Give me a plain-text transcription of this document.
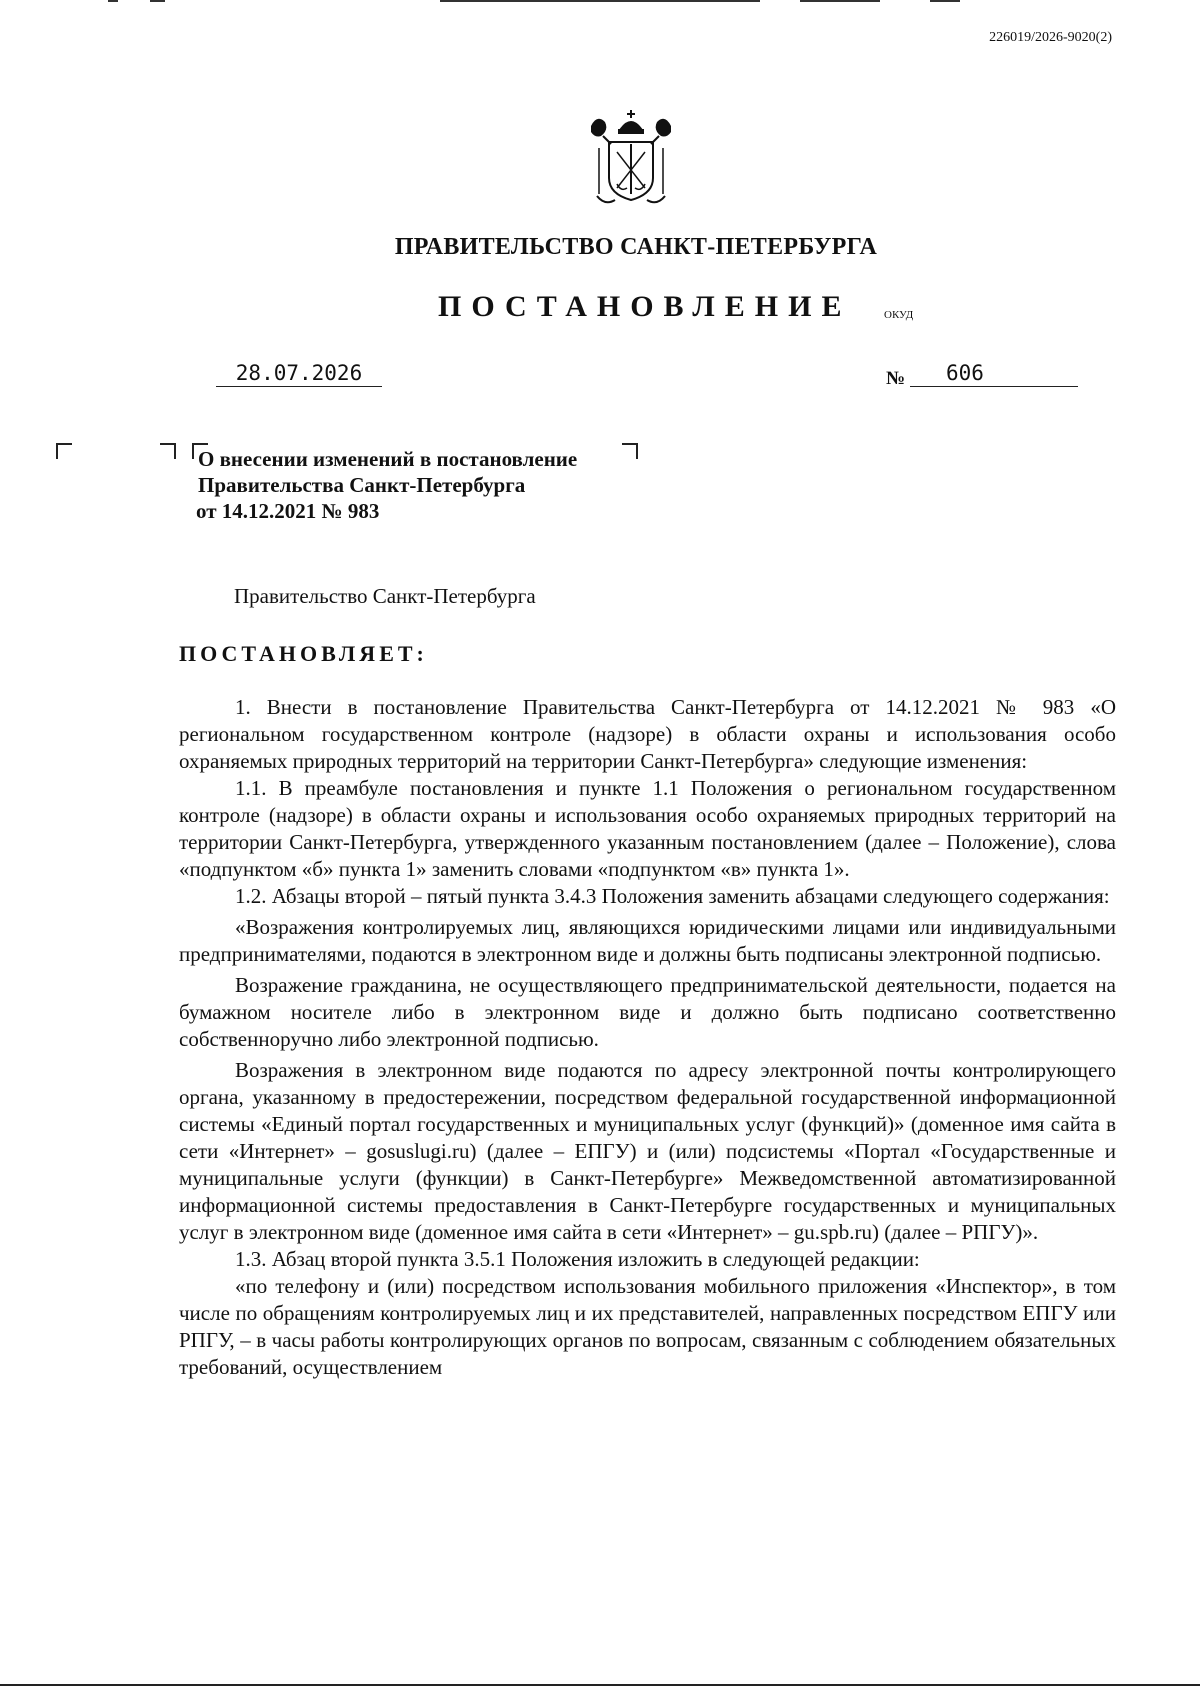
226019/2026-9020(2)
ПРАВИТЕЛЬСТВО САНКТ-ПЕТЕРБУРГА
ПОСТАНОВЛЕНИЕ	ОКУД
28.07.2026	№	606
О внесении изменений в постановление
Правительства Санкт-Петербурга
от 14.12.2021 № 983
Правительство Санкт-Петербурга
ПОСТАНОВЛЯЕТ:

1. Внести в постановление Правительства Санкт-Петербурга от 14.12.2021 № 983 «О региональном государственном контроле (надзоре) в области охраны и использования особо охраняемых природных территорий на территории Санкт-Петербурга» следующие изменения:

1.1. В преамбуле постановления и пункте 1.1 Положения о региональном государственном контроле (надзоре) в области охраны и использования особо охраняемых природных территорий на территории Санкт-Петербурга, утвержденного указанным постановлением (далее – Положение), слова «подпунктом «б» пункта 1» заменить словами «подпунктом «в» пункта 1».

1.2. Абзацы второй – пятый пункта 3.4.3 Положения заменить абзацами следующего содержания:

«Возражения контролируемых лиц, являющихся юридическими лицами или индивидуальными предпринимателями, подаются в электронном виде и должны быть подписаны электронной подписью.

Возражение гражданина, не осуществляющего предпринимательской деятельности, подается на бумажном носителе либо в электронном виде и должно быть подписано соответственно собственноручно либо электронной подписью.

Возражения в электронном виде подаются по адресу электронной почты контролирующего органа, указанному в предостережении, посредством федеральной государственной информационной системы «Единый портал государственных и муниципальных услуг (функций)» (доменное имя сайта в сети «Интернет» – gosuslugi.ru) (далее – ЕПГУ) и (или) подсистемы «Портал «Государственные и муниципальные услуги (функции) в Санкт-Петербурге» Межведомственной автоматизированной информационной системы предоставления в Санкт-Петербурге государственных и муниципальных услуг в электронном виде (доменное имя сайта в сети «Интернет» – gu.spb.ru) (далее – РПГУ)».

1.3. Абзац второй пункта 3.5.1 Положения изложить в следующей редакции:

«по телефону и (или) посредством использования мобильного приложения «Инспектор», в том числе по обращениям контролируемых лиц и их представителей, направленных посредством ЕПГУ или РПГУ, – в часы работы контролирующих органов по вопросам, связанным с соблюдением обязательных требований, осуществлением
